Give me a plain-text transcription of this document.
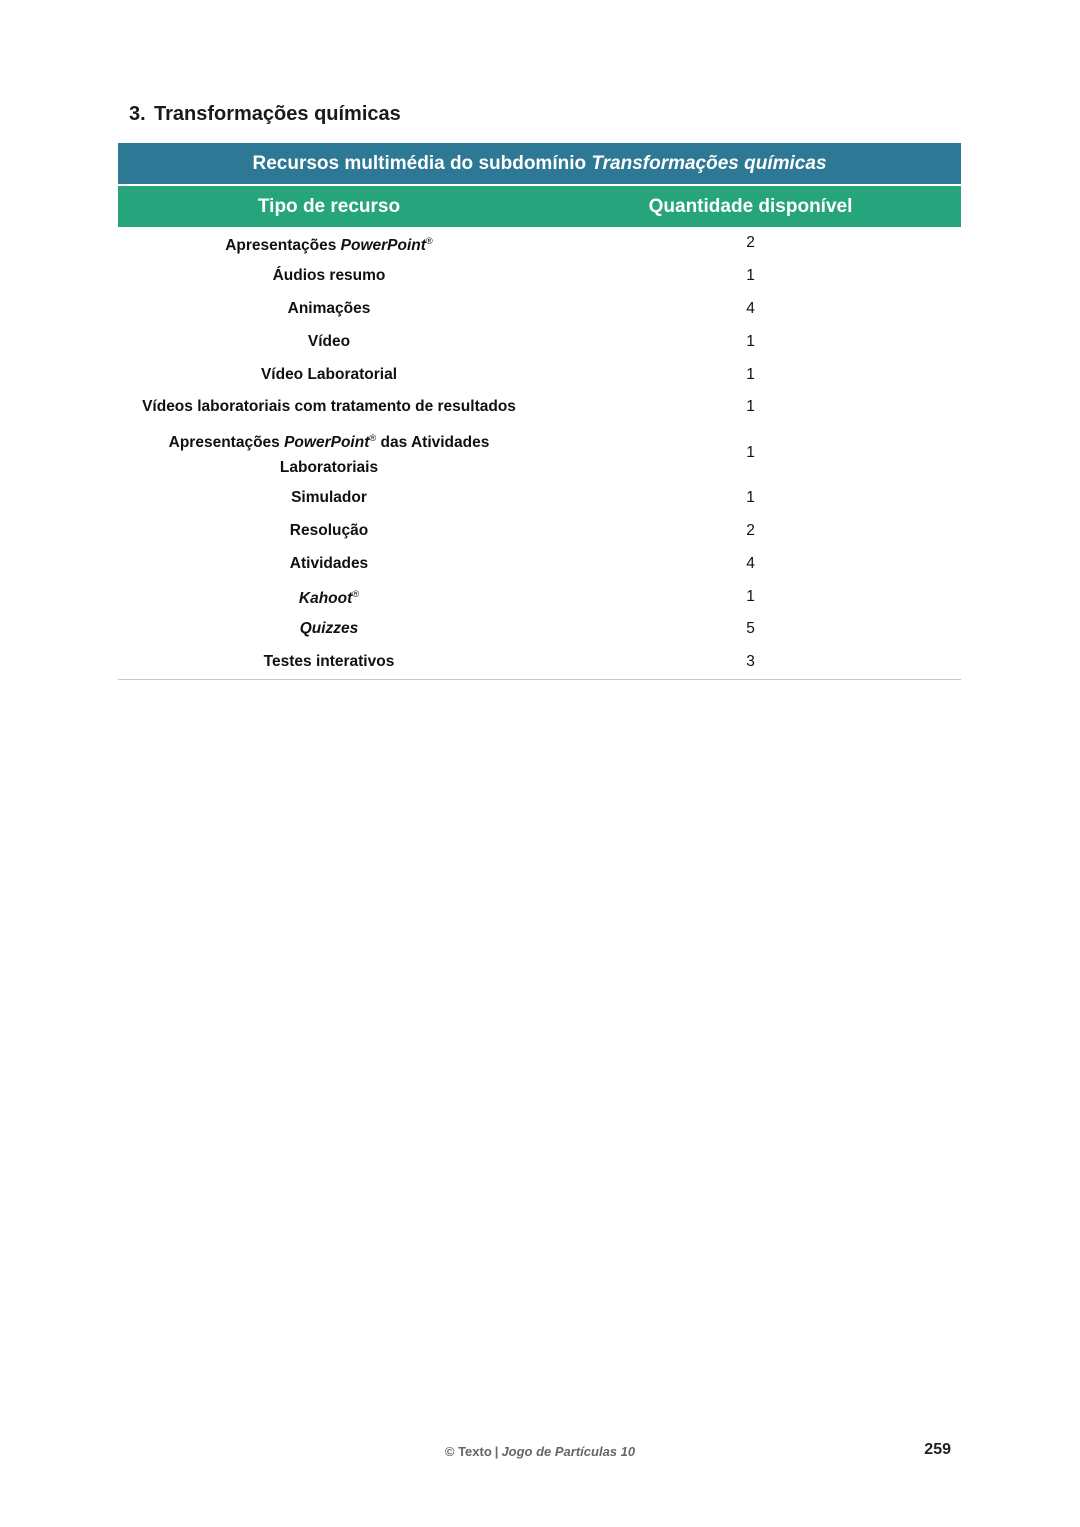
3. Transformações químicas
Recursos multimédia do subdomínio Transformações químicas	
Tipo de recurso	Quantidade disponível
Apresentações PowerPoint®	2
Áudios resumo	1
Animações	4
Vídeo	1
Vídeo Laboratorial	1
Vídeos laboratoriais com tratamento de resultados	1
Apresentações PowerPoint® das Atividades Laboratoriais	1
Simulador	1
Resolução	2
Atividades	4
Kahoot®	1
Quizzes	5
Testes interativos	3
© Texto | Jogo de Partículas 10	259
